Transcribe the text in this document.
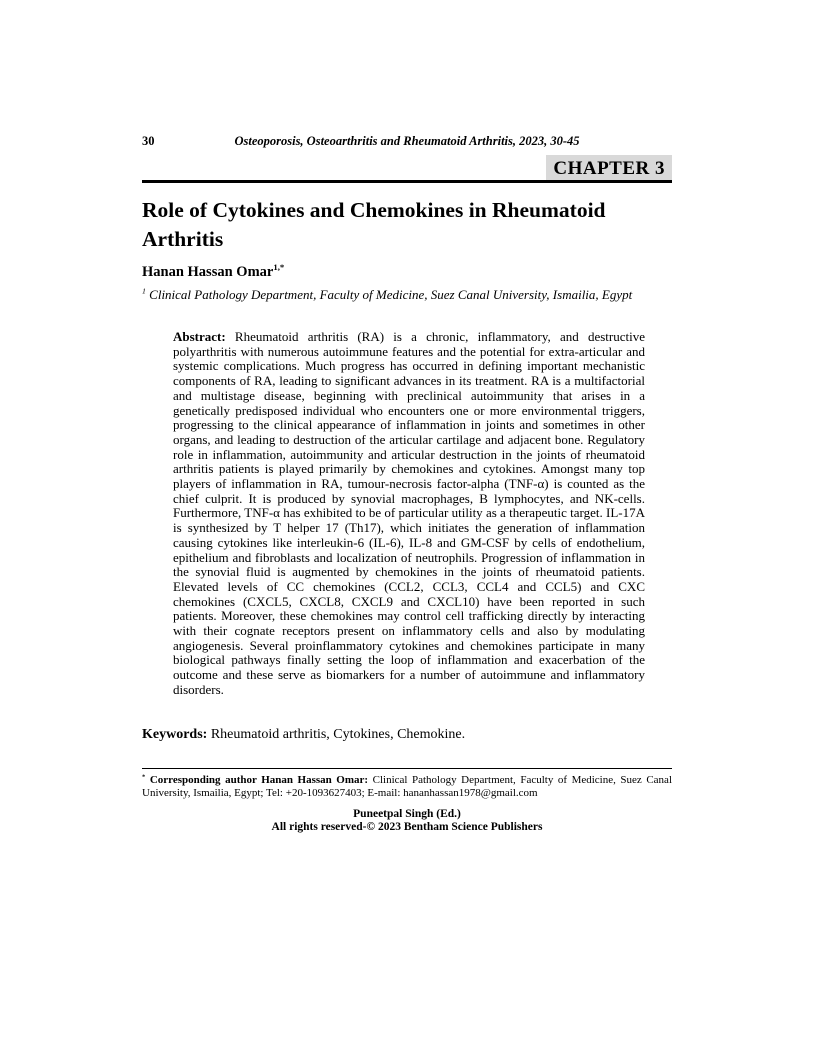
30	Osteoporosis, Osteoarthritis and Rheumatoid Arthritis, 2023, 30-45
CHAPTER 3
Role of Cytokines and Chemokines in Rheumatoid Arthritis
Hanan Hassan Omar$^{1,*}$
$^1$ Clinical Pathology Department, Faculty of Medicine, Suez Canal University, Ismailia, Egypt

Abstract: Rheumatoid arthritis (RA) is a chronic, inflammatory, and destructive polyarthritis with numerous autoimmune features and the potential for extra-articular and systemic complications. Much progress has occurred in defining important mechanistic components of RA, leading to significant advances in its treatment. RA is a multifactorial and multistage disease, beginning with preclinical autoimmunity that arises in a genetically predisposed individual who encounters one or more environmental triggers, progressing to the clinical appearance of inflammation in joints and sometimes in other organs, and leading to destruction of the articular cartilage and adjacent bone. Regulatory role in inflammation, autoimmunity and articular destruction in the joints of rheumatoid arthritis patients is played primarily by chemokines and cytokines. Amongst many top players of inflammation in RA, tumour-necrosis factor-alpha (TNF-α) is counted as the chief culprit. It is produced by synovial macrophages, B lymphocytes, and NK-cells. Furthermore, TNF-α has exhibited to be of particular utility as a therapeutic target. IL-17A is synthesized by T helper 17 (Th17), which initiates the generation of inflammation causing cytokines like interleukin-6 (IL-6), IL-8 and GM-CSF by cells of endothelium, epithelium and fibroblasts and localization of neutrophils. Progression of inflammation in the synovial fluid is augmented by chemokines in the joints of rheumatoid patients. Elevated levels of CC chemokines (CCL2, CCL3, CCL4 and CCL5) and CXC chemokines (CXCL5, CXCL8, CXCL9 and CXCL10) have been reported in such patients. Moreover, these chemokines may control cell trafficking directly by interacting with their cognate receptors present on inflammatory cells and also by modulating angiogenesis. Several proinflammatory cytokines and chemokines participate in many biological pathways finally setting the loop of inflammation and exacerbation of the outcome and these serve as biomarkers for a number of autoimmune and inflammatory disorders.

Keywords: Rheumatoid arthritis, Cytokines, Chemokine.
* Corresponding author Hanan Hassan Omar: Clinical Pathology Department, Faculty of Medicine, Suez Canal University, Ismailia, Egypt; Tel: +20-1093627403; E-mail: hananhassan1978@gmail.com
Puneetpal Singh (Ed.)
All rights reserved-© 2023 Bentham Science Publishers
